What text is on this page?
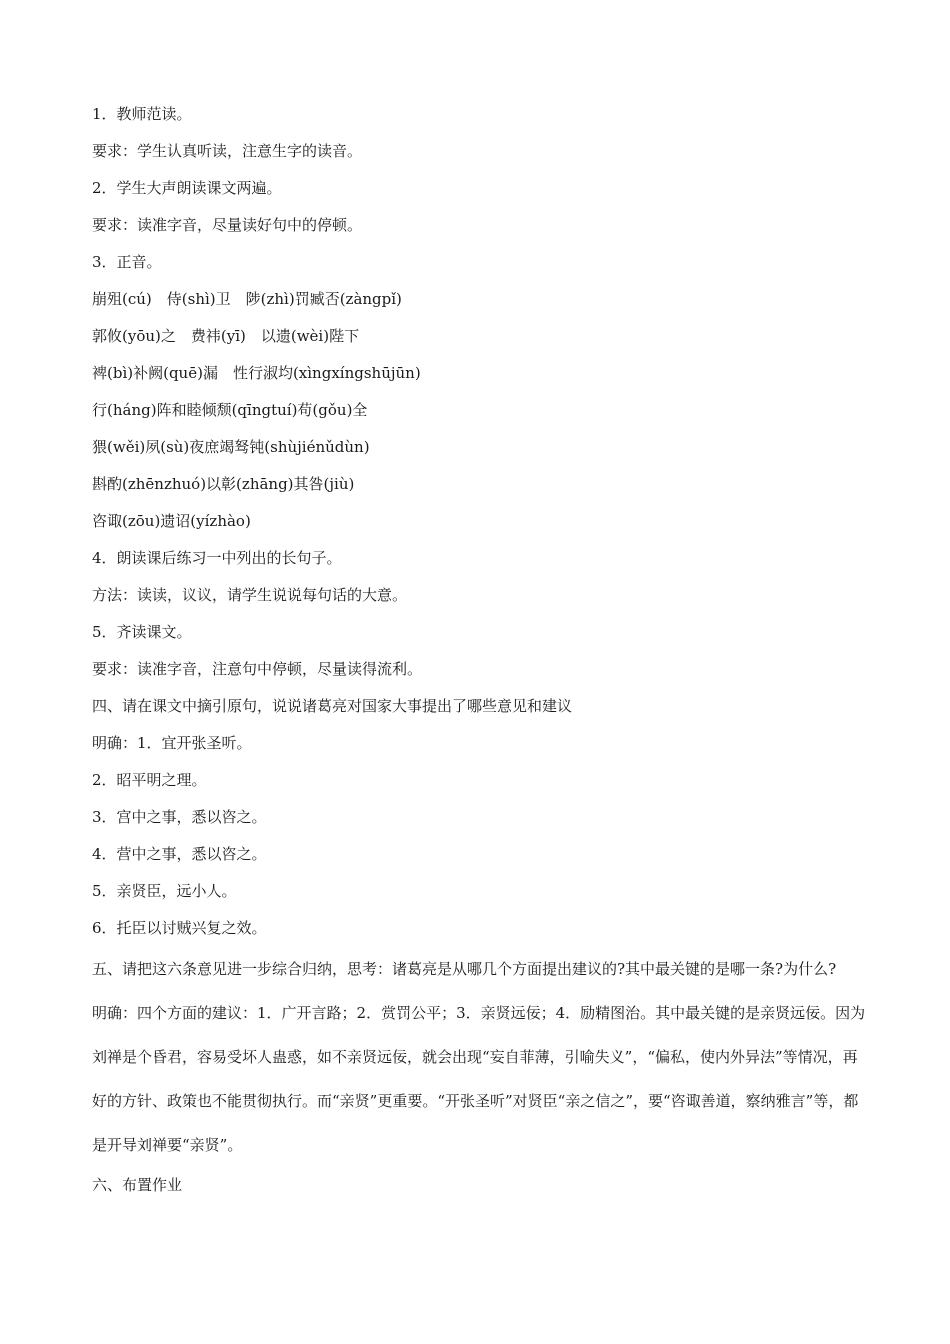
1．教师范读。
要求：学生认真听读，注意生字的读音。
2．学生大声朗读课文两遍。
要求：读准字音，尽量读好句中的停顿。
3．正音。
崩殂(cú)　侍(shì)卫　陟(zhì)罚臧否(zàngpǐ)
郭攸(yōu)之　费祎(yī)　以遗(wèi)陛下
裨(bì)补阙(quē)漏　性行淑均(xìngxíngshūjūn)
行(háng)阵和睦倾颓(qīngtuí)苟(gǒu)全
猥(wěi)夙(sù)夜庶竭驽钝(shùjiénǔdùn)
斟酌(zhēnzhuó)以彰(zhāng)其咎(jiù)
咨诹(zōu)遗诏(yízhào)
4．朗读课后练习一中列出的长句子。
方法：读读，议议，请学生说说每句话的大意。
5．齐读课文。
要求：读准字音，注意句中停顿，尽量读得流利。
四、请在课文中摘引原句，说说诸葛亮对国家大事提出了哪些意见和建议
明确：1．宜开张圣听。
2．昭平明之理。
3．宫中之事，悉以咨之。
4．营中之事，悉以咨之。
5．亲贤臣，远小人。
6．托臣以讨贼兴复之效。
五、请把这六条意见进一步综合归纳，思考：诸葛亮是从哪几个方面提出建议的?其中最关键的是哪一条?为什么?
明确：四个方面的建议：1．广开言路；2．赏罚公平；3．亲贤远佞；4．励精图治。其中最关键的是亲贤远佞。因为刘禅是个昏君，容易受坏人蛊惑，如不亲贤远佞，就会出现“妄自菲薄，引喻失义”，“偏私，使内外异法”等情况，再好的方针、政策也不能贯彻执行。而“亲贤”更重要。“开张圣听”对贤臣“亲之信之”，要“咨诹善道，察纳雅言”等，都是开导刘禅要“亲贤”。
六、布置作业
